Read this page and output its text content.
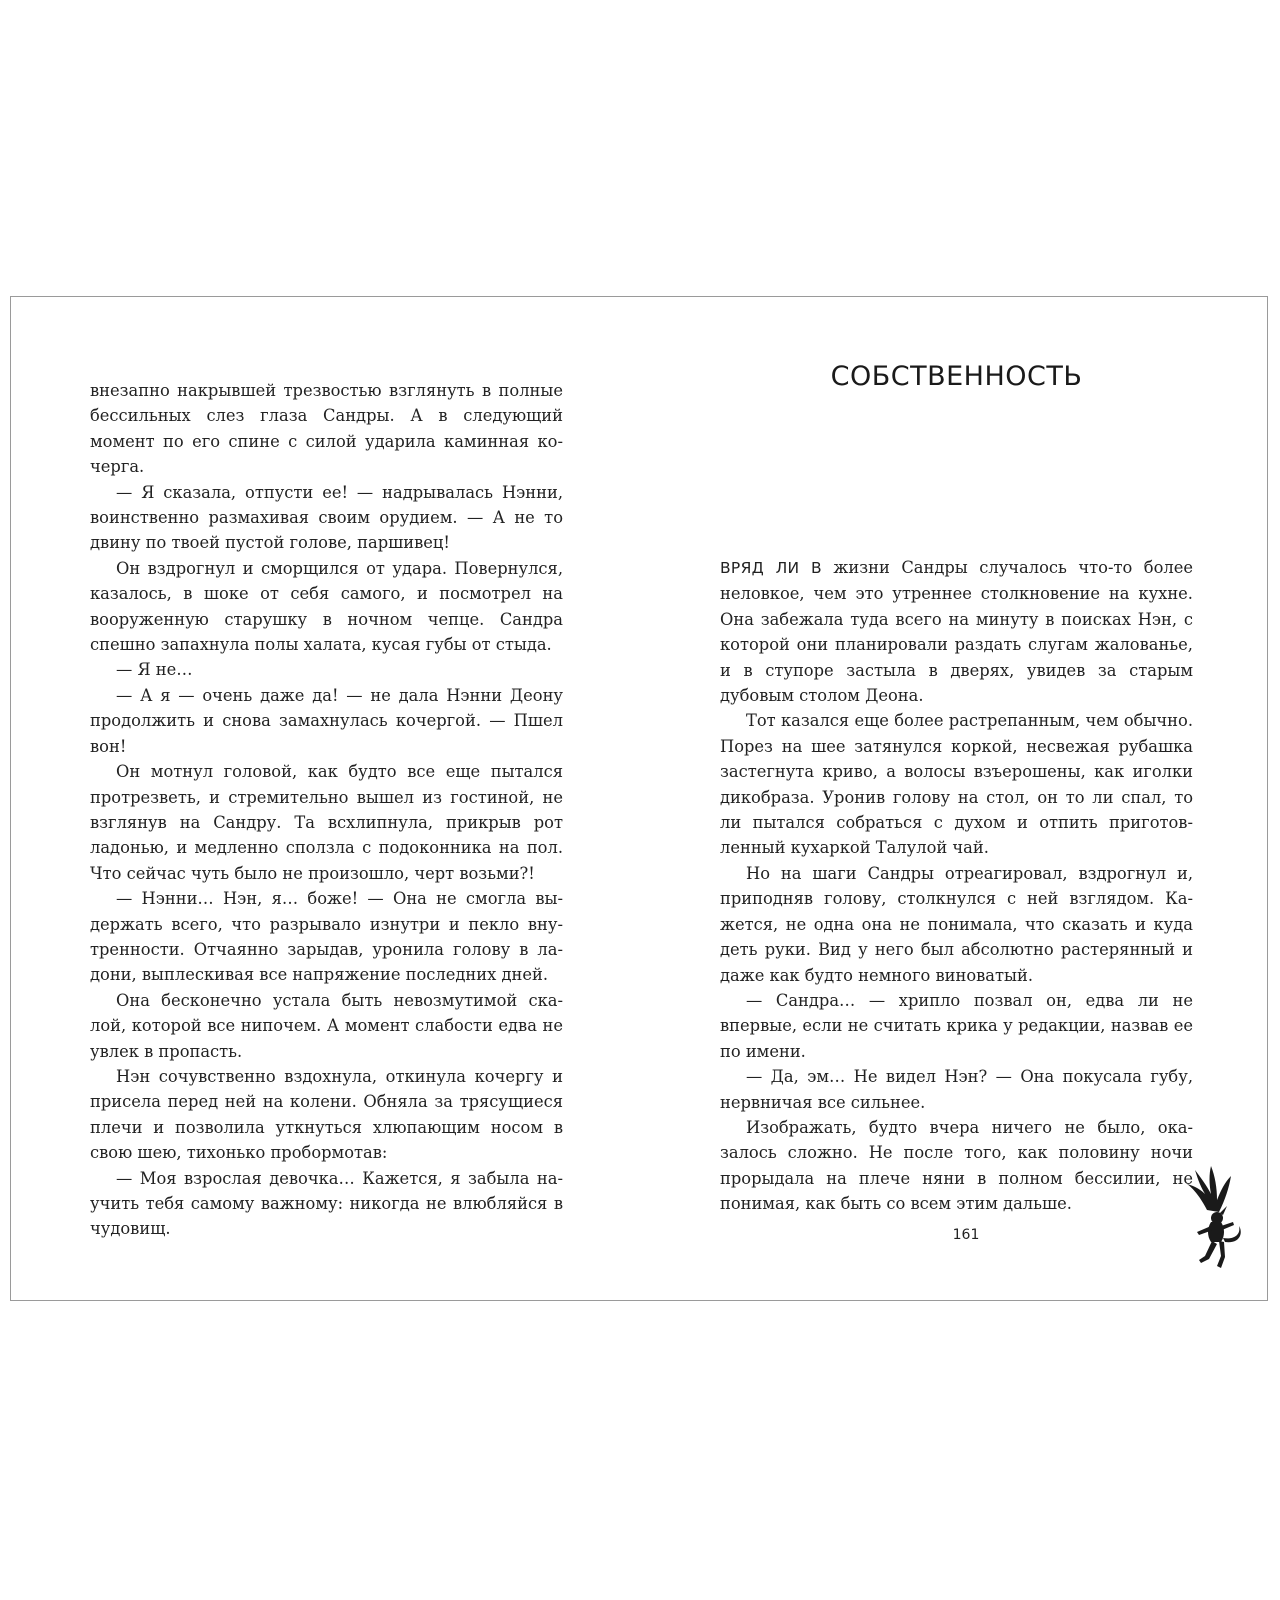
внезапно накрывшей трезвостью взглянуть в полные бессильных слез глаза Сандры. А в следующий момент по его спине с силой ударила каминная кочерга.

— Я сказала, отпусти ее! — надрывалась Нэнни, воинственно размахивая своим орудием. — А не то двину по твоей пустой голове, паршивец!

Он вздрогнул и сморщился от удара. Повернулся, казалось, в шоке от себя самого, и посмотрел на вооруженную старушку в ночном чепце. Сандра спешно запахнула полы халата, кусая губы от стыда.

— Я не…

— А я — очень даже да! — не дала Нэнни Деону продолжить и снова замахнулась кочергой. — Пшел вон!

Он мотнул головой, как будто все еще пытался протрезветь, и стремительно вышел из гостиной, не взглянув на Сандру. Та всхлипнула, прикрыв рот ладонью, и медленно сползла с подоконника на пол. Что сейчас чуть было не произошло, черт возьми?!

— Нэнни… Нэн, я… боже! — Она не смогла выдержать всего, что разрывало изнутри и пекло внутренности. Отчаянно зарыдав, уронила голову в ладони, выплескивая все напряжение последних дней.

Она бесконечно устала быть невозмутимой скалой, которой все нипочем. А момент слабости едва не увлек в пропасть.

Нэн сочувственно вздохнула, откинула кочергу и присела перед ней на колени. Обняла за трясущиеся плечи и позволила уткнуться хлюпающим носом в свою шею, тихонько пробормотав:

— Моя взрослая девочка… Кажется, я забыла научить тебя самому важному: никогда не влюбляйся в чудовищ.

СОБСТВЕННОСТЬ

ВРЯД ЛИ В жизни Сандры случалось что-то более неловкое, чем это утреннее столкновение на кухне. Она забежала туда всего на минуту в поисках Нэн, с которой они планировали раздать слугам жалованье, и в ступоре застыла в дверях, увидев за старым дубовым столом Деона.

Тот казался еще более растрепанным, чем обычно. Порез на шее затянулся коркой, несвежая рубашка застегнута криво, а волосы взъерошены, как иголки дикобраза. Уронив голову на стол, он то ли спал, то ли пытался собраться с духом и отпить приготовленный кухаркой Талулой чай.

Но на шаги Сандры отреагировал, вздрогнул и, приподняв голову, столкнулся с ней взглядом. Кажется, не одна она не понимала, что сказать и куда деть руки. Вид у него был абсолютно растерянный и даже как будто немного виноватый.

— Сандра… — хрипло позвал он, едва ли не впервые, если не считать крика у редакции, назвав ее по имени.

— Да, эм… Не видел Нэн? — Она покусала губу, нервничая все сильнее.

Изображать, будто вчера ничего не было, оказалось сложно. Не после того, как половину ночи прорыдала на плече няни в полном бессилии, не понимая, как быть со всем этим дальше.

161
